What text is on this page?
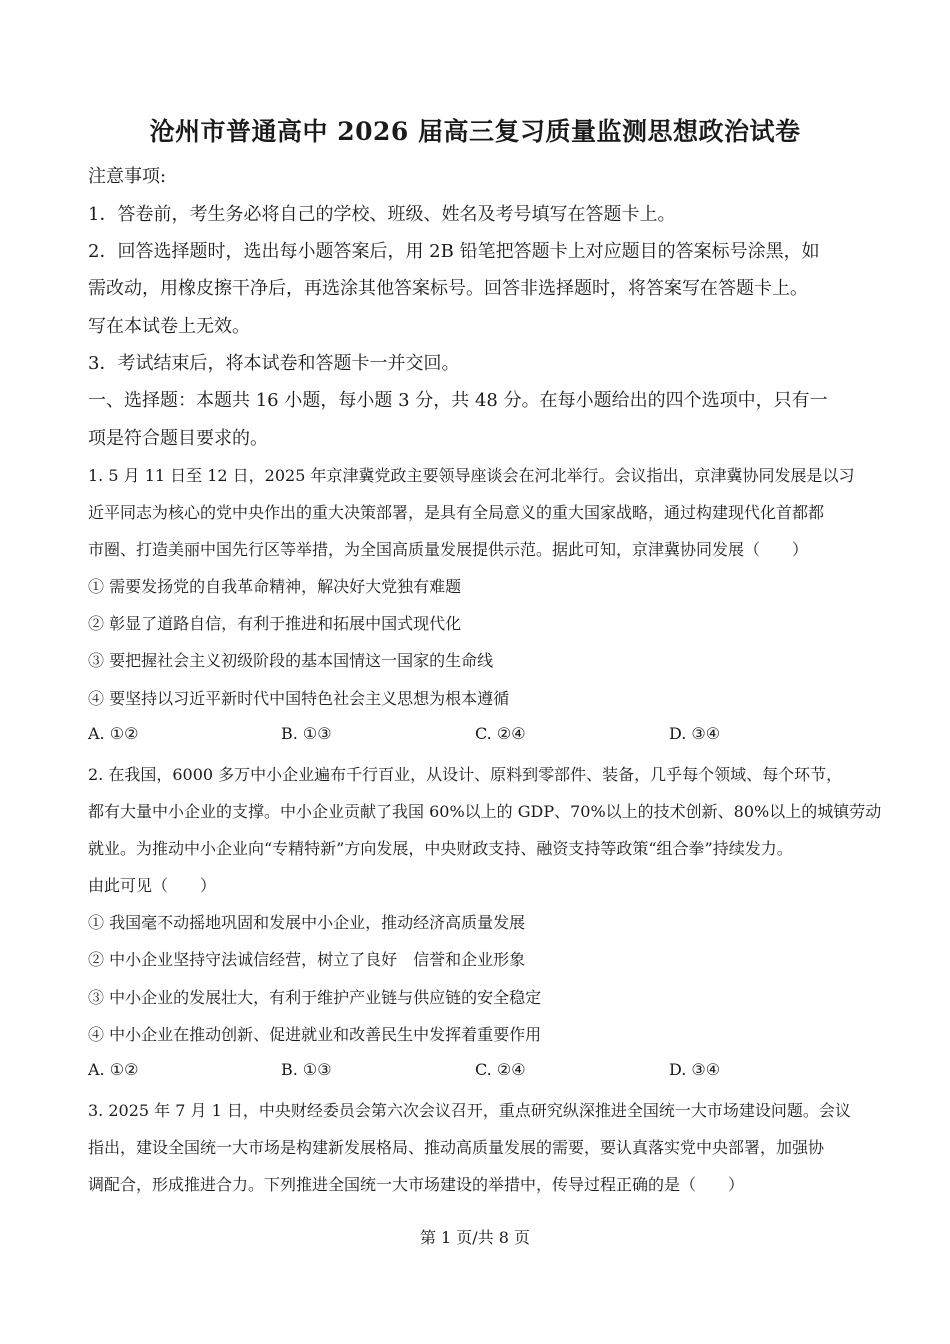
沧州市普通高中 2026 届高三复习质量监测思想政治试卷
注意事项:
1．答卷前，考生务必将自己的学校、班级、姓名及考号填写在答题卡上。
2．回答选择题时，选出每小题答案后，用 2B 铅笔把答题卡上对应题目的答案标号涂黑，如
需改动，用橡皮擦干净后，再选涂其他答案标号。回答非选择题时，将答案写在答题卡上。
写在本试卷上无效。
3．考试结束后，将本试卷和答题卡一并交回。
一、选择题：本题共 16 小题，每小题 3 分，共 48 分。在每小题给出的四个选项中，只有一
项是符合题目要求的。
1. 5 月 11 日至 12 日，2025 年京津冀党政主要领导座谈会在河北举行。会议指出，京津冀协同发展是以习
近平同志为核心的党中央作出的重大决策部署，是具有全局意义的重大国家战略，通过构建现代化首都都
市圈、打造美丽中国先行区等举措，为全国高质量发展提供示范。据此可知，京津冀协同发展（　　）
① 需要发扬党的自我革命精神，解决好大党独有难题
② 彰显了道路自信，有利于推进和拓展中国式现代化
③ 要把握社会主义初级阶段的基本国情这一国家的生命线
④ 要坚持以习近平新时代中国特色社会主义思想为根本遵循
A. ①②	B. ①③	C. ②④	D. ③④
2. 在我国，6000 多万中小企业遍布千行百业，从设计、原料到零部件、装备，几乎每个领域、每个环节，
都有大量中小企业的支撑。中小企业贡献了我国 60%以上的 GDP、70%以上的技术创新、80%以上的城镇劳动
就业。为推动中小企业向“专精特新”方向发展，中央财政支持、融资支持等政策“组合拳”持续发力。
由此可见（　　）
① 我国毫不动摇地巩固和发展中小企业，推动经济高质量发展
② 中小企业坚持守法诚信经营，树立了良好　信誉和企业形象
③ 中小企业的发展壮大，有利于维护产业链与供应链的安全稳定
④ 中小企业在推动创新、促进就业和改善民生中发挥着重要作用
A. ①②	B. ①③	C. ②④	D. ③④
3. 2025 年 7 月 1 日，中央财经委员会第六次会议召开，重点研究纵深推进全国统一大市场建设问题。会议
指出，建设全国统一大市场是构建新发展格局、推动高质量发展的需要，要认真落实党中央部署，加强协
调配合，形成推进合力。下列推进全国统一大市场建设的举措中，传导过程正确的是（　　）
第 1 页/共 8 页
